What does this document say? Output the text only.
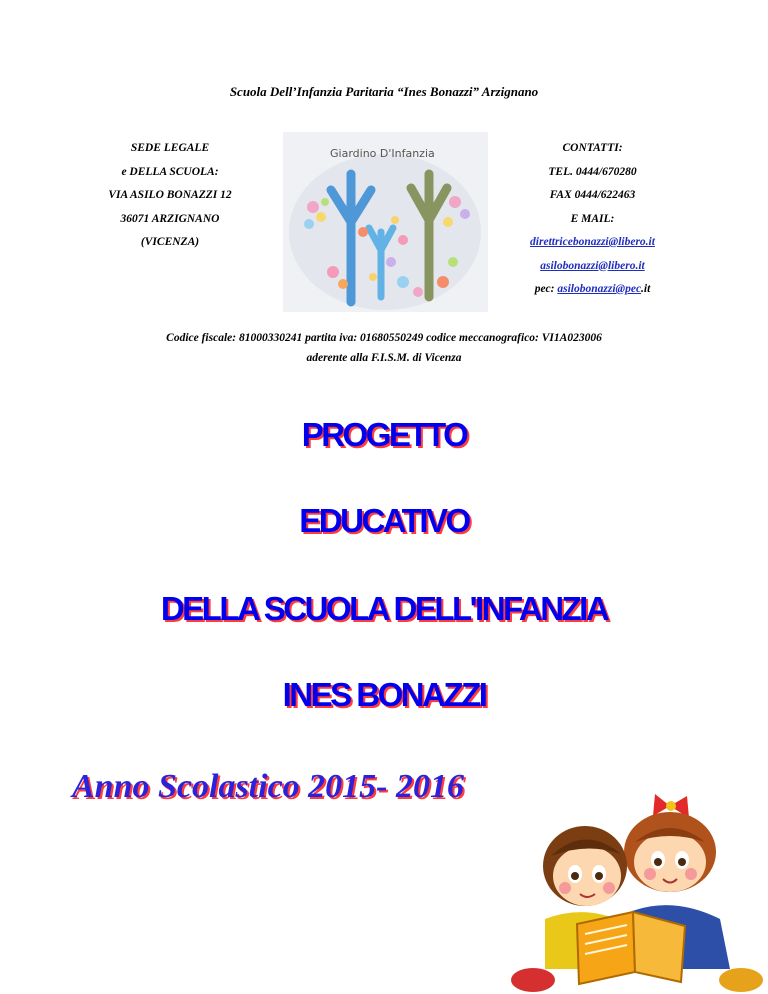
Scuola Dell’Infanzia Paritaria “Ines Bonazzi” Arzignano
SEDE LEGALE
e DELLA SCUOLA:
VIA ASILO BONAZZI 12
36071 ARZIGNANO
(VICENZA)
Giardino D'Infanzia	CONTATTI:
TEL. 0444/670280
FAX 0444/622463
E MAIL:
direttricebonazzi@libero.it
asilobonazzi@libero.it
pec: asilobonazzi@pec.it
Codice fiscale: 81000330241 partita iva: 01680550249 codice meccanografico: VI1A023006
aderente alla F.I.S.M. di Vicenza
PROGETTO
EDUCATIVO
DELLA SCUOLA DELL'INFANZIA
INES BONAZZI
Anno Scolastico 2015- 2016
